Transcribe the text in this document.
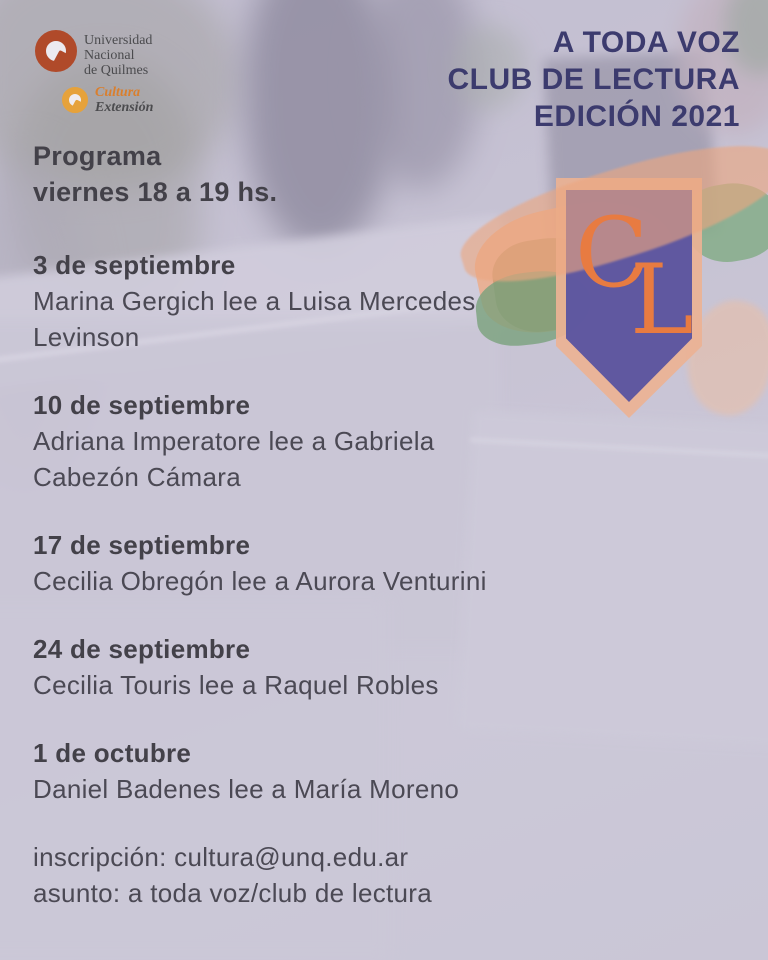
C
L
Universidad
Nacional
de Quilmes
Cultura
Extensión
A TODA VOZ
CLUB DE LECTURA
EDICIÓN 2021
Programa
viernes 18 a 19 hs.
3 de septiembre
Marina Gergich lee a Luisa Mercedes
Levinson
10 de septiembre
Adriana Imperatore lee a Gabriela
Cabezón Cámara
17 de septiembre
Cecilia Obregón lee a Aurora Venturini
24 de septiembre
Cecilia Touris lee a Raquel Robles
1 de octubre
Daniel Badenes lee a María Moreno
inscripción: cultura@unq.edu.ar
asunto: a toda voz/club de lectura
